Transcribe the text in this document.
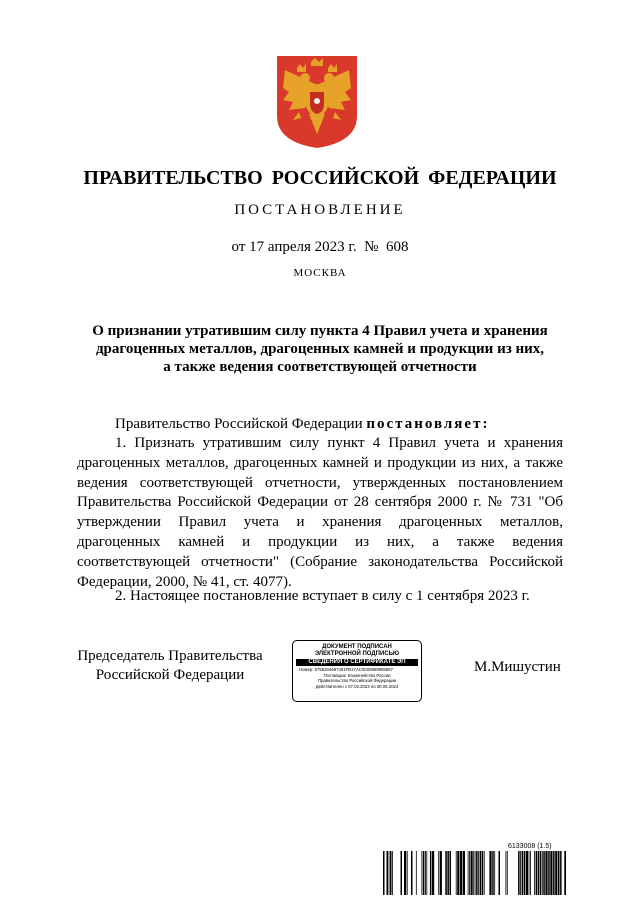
ПРАВИТЕЛЬСТВО РОССИЙСКОЙ ФЕДЕРАЦИИ
ПОСТАНОВЛЕНИЕ
от 17 апреля 2023 г.  №  608
МОСКВА
О признании утратившим силу пункта 4 Правил учета и хранения
драгоценных металлов, драгоценных камней и продукции из них,
а также ведения соответствующей отчетности
Правительство Российской Федерации постановляет:
1. Признать утратившим силу пункт 4 Правил учета и хранения драгоценных металлов, драгоценных камней и продукции из них, а также ведения соответствующей отчетности, утвержденных постановлением Правительства Российской Федерации от 28 сентября 2000 г. № 731 "Об утверждении Правил учета и хранения драгоценных металлов, драгоценных камней и продукции из них, а также ведения соответствующей отчетности" (Собрание законодательства Российской Федерации, 2000, № 41, ст. 4077).
2. Настоящее постановление вступает в силу с 1 сентября 2023 г.
Председатель Правительства
Российской Федерации
ДОКУМЕНТ ПОДПИСАН
ЭЛЕКТРОННОЙ ПОДПИСЬЮ
СВЕДЕНИЯ О СЕРТИФИКАТЕ ЭП
Номер: 5755304697401FB17AC0000869855857
Поставщик: Казначейство России
Правительство Российской Федерации
Действителен с 07.03.2023 по 30.05.2024
М.Мишустин
6133008 (1.5)
